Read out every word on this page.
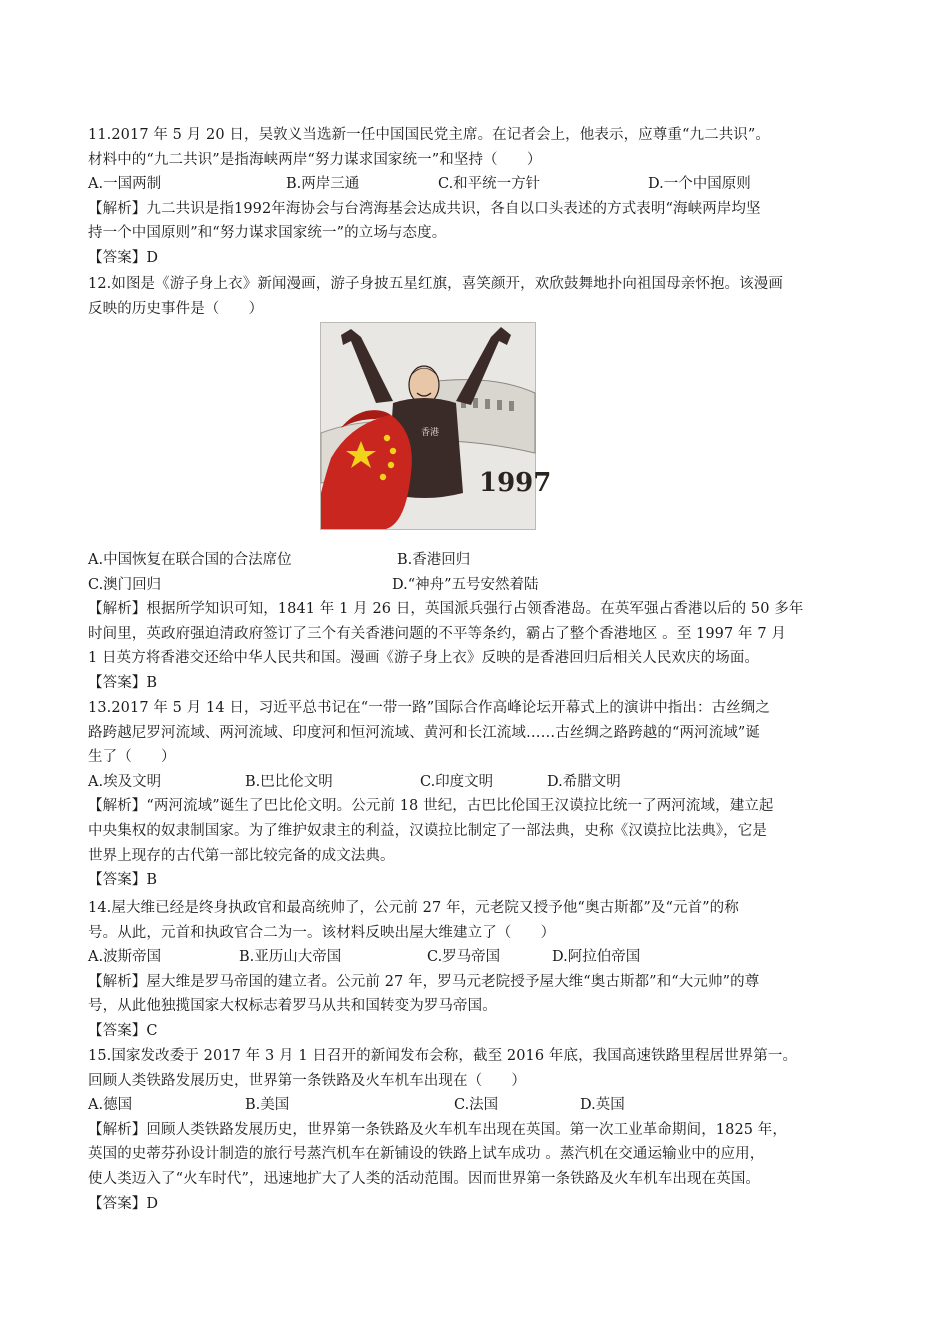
11.2017 年 5 月 20 日，吴敦义当选新一任中国国民党主席。在记者会上，他表示，应尊重“九二共识”。
材料中的“九二共识”是指海峡两岸“努力谋求国家统一”和坚持（　　）
A.一国两制	B.两岸三通	C.和平统一方针	D.一个中国原则
【解析】九二共识是指1992年海协会与台湾海基会达成共识，各自以口头表述的方式表明“海峡两岸均坚
持一个中国原则”和“努力谋求国家统一”的立场与态度。
【答案】D
12.如图是《游子身上衣》新闻漫画，游子身披五星红旗，喜笑颜开，欢欣鼓舞地扑向祖国母亲怀抱。该漫画
反映的历史事件是（　　）
香港
1997
A.中国恢复在联合国的合法席位	B.香港回归
C.澳门回归	D.“神舟”五号安然着陆
【解析】根据所学知识可知，1841 年 1 月 26 日，英国派兵强行占领香港岛。在英军强占香港以后的 50 多年
时间里，英政府强迫清政府签订了三个有关香港问题的不平等条约，霸占了整个香港地区 。至 1997 年 7 月
1 日英方将香港交还给中华人民共和国。漫画《游子身上衣》反映的是香港回归后相关人民欢庆的场面。
【答案】B
13.2017 年 5 月 14 日，习近平总书记在“一带一路”国际合作高峰论坛开幕式上的演讲中指出：古丝绸之
路跨越尼罗河流域、两河流域、印度河和恒河流域、黄河和长江流域……古丝绸之路跨越的“两河流域”诞
生了（　　）
A.埃及文明	B.巴比伦文明	C.印度文明	D.希腊文明
【解析】“两河流域”诞生了巴比伦文明。公元前 18 世纪，古巴比伦国王汉谟拉比统一了两河流域，建立起
中央集权的奴隶制国家。为了维护奴隶主的利益，汉谟拉比制定了一部法典，史称《汉谟拉比法典》，它是
世界上现存的古代第一部比较完备的成文法典。
【答案】B
14.屋大维已经是终身执政官和最高统帅了，公元前 27 年，元老院又授予他“奥古斯都”及“元首”的称
号。从此，元首和执政官合二为一。该材料反映出屋大维建立了（　　）
A.波斯帝国	B.亚历山大帝国	C.罗马帝国	D.阿拉伯帝国
【解析】屋大维是罗马帝国的建立者。公元前 27 年，罗马元老院授予屋大维“奥古斯都”和“大元帅”的尊
号，从此他独揽国家大权标志着罗马从共和国转变为罗马帝国。
【答案】C
15.国家发改委于 2017 年 3 月 1 日召开的新闻发布会称，截至 2016 年底，我国高速铁路里程居世界第一。
回顾人类铁路发展历史，世界第一条铁路及火车机车出现在（　　）
A.德国	B.美国	C.法国	D.英国
【解析】回顾人类铁路发展历史，世界第一条铁路及火车机车出现在英国。第一次工业革命期间，1825 年，
英国的史蒂芬孙设计制造的旅行号蒸汽机车在新铺设的铁路上试车成功 。蒸汽机在交通运输业中的应用，
使人类迈入了“火车时代”，迅速地扩大了人类的活动范围。因而世界第一条铁路及火车机车出现在英国。
【答案】D
